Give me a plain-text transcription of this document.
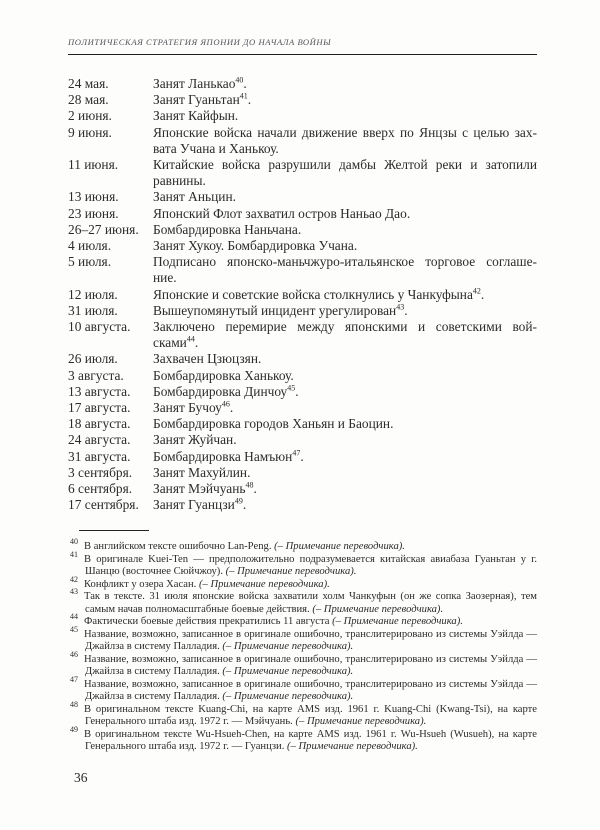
ПОЛИТИЧЕСКАЯ СТРАТЕГИЯ ЯПОНИИ ДО НАЧАЛА ВОЙНЫ
24 мая.	Занят Ланькао$^{40}$.
28 мая.	Занят Гуаньтан$^{41}$.
2 июня.	Занят Кайфын.
9 июня.	Японские войска начали движение вверх по Янцзы с целью зах-
вата Учана и Ханькоу.
11 июня.	Китайские войска разрушили дамбы Желтой реки и затопили
равнины.
13 июня.	Занят Аньцин.
23 июня.	Японский Флот захватил остров Наньао Дао.
26–27 июня.	Бомбардировка Наньчана.
4 июля.	Занят Хукоу. Бомбардировка Учана.
5 июля.	Подписано японско-маньчжуро-итальянское торговое соглаше-
ние.
12 июля.	Японские и советские войска столкнулись у Чанкуфына$^{42}$.
31 июля.	Вышеупомянутый инцидент урегулирован$^{43}$.
10 августа.	Заключено перемирие между японскими и советскими вой-
сками$^{44}$.
26 июля.	Захвачен Цзюцзян.
3 августа.	Бомбардировка Ханькоу.
13 августа.	Бомбардировка Динчоу$^{45}$.
17 августа.	Занят Бучоу$^{46}$.
18 августа.	Бомбардировка городов Ханьян и Баоцин.
24 августа.	Занят Жуйчан.
31 августа.	Бомбардировка Намъюн$^{47}$.
3 сентября.	Занят Махуйлин.
6 сентября.	Занят Мэйчуань$^{48}$.
17 сентября.	Занят Гуанцзи$^{49}$.
$^{40}$ В английском тексте ошибочно Lan-Peng. (– Примечание переводчика).
$^{41}$ В оригинале Kuei-Ten — предположительно подразумевается китайская авиабаза Гуаньтан у г. Шанцю (восточнее Сюйчжоу). (– Примечание переводчика).
$^{42}$ Конфликт у озера Хасан. (– Примечание переводчика).
$^{43}$ Так в тексте. 31 июля японские войска захватили холм Чанкуфын (он же сопка Заозерная), тем самым начав полномасштабные боевые действия. (– Примечание переводчика).
$^{44}$ Фактически боевые действия прекратились 11 августа (– Примечание переводчика).
$^{45}$ Название, возможно, записанное в оригинале ошибочно, транслитерировано из системы Уэйлда — Джайлза в систему Палладия. (– Примечание переводчика).
$^{46}$ Название, возможно, записанное в оригинале ошибочно, транслитерировано из системы Уэйлда — Джайлза в систему Палладия. (– Примечание переводчика).
$^{47}$ Название, возможно, записанное в оригинале ошибочно, транслитерировано из системы Уэйлда — Джайлза в систему Палладия. (– Примечание переводчика).
$^{48}$ В оригинальном тексте Kuang-Chi, на карте AMS изд. 1961 г. Kuang-Chi (Kwang-Tsi), на карте Генерального штаба изд. 1972 г. — Мэйчуань. (– Примечание переводчика).
$^{49}$ В оригинальном тексте Wu-Hsueh-Chen, на карте AMS изд. 1961 г. Wu-Hsueh (Wusueh), на карте Генерального штаба изд. 1972 г. — Гуанцзи. (– Примечание переводчика).
36
